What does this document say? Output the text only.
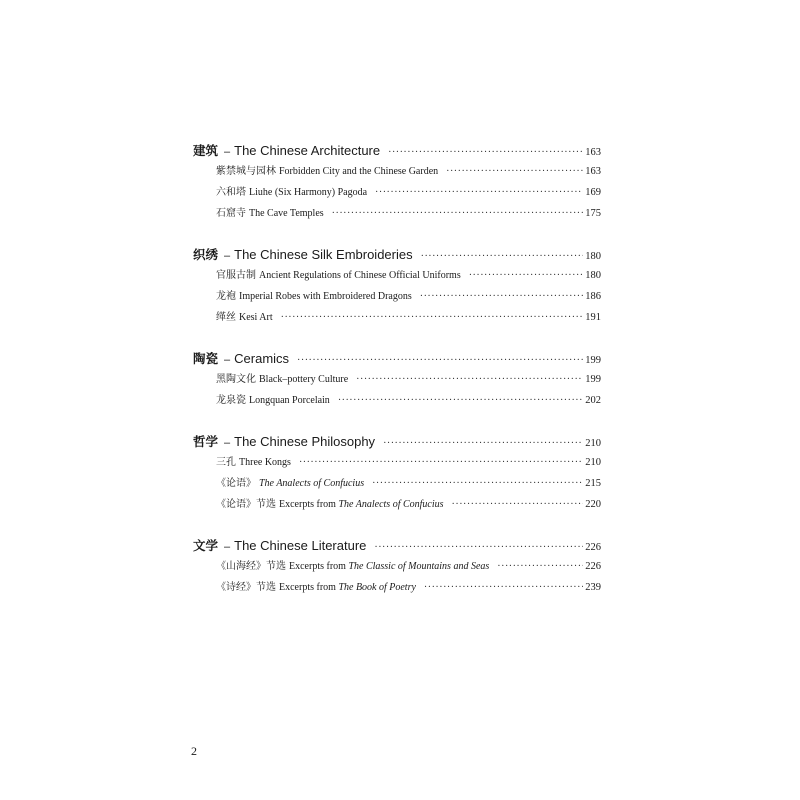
建筑 – The Chinese Architecture ·····	163
紫禁城与园林 Forbidden City and the Chinese Garden ·····	163
六和塔 Liuhe (Six Harmony) Pagoda ·····	169
石窟寺 The Cave Temples ·····	175
织绣 – The Chinese Silk Embroideries ·····	180
官服古制 Ancient Regulations of Chinese Official Uniforms ·····	180
龙袍 Imperial Robes with Embroidered Dragons ·····	186
缂丝 Kesi Art ·····	191
陶瓷 – Ceramics ·····	199
黑陶文化 Black–pottery Culture ·····	199
龙泉瓷 Longquan Porcelain ·····	202
哲学 – The Chinese Philosophy ·····	210
三孔 Three Kongs ·····	210
《论语》 The Analects of Confucius ·····	215
《论语》节选 Excerpts from The Analects of Confucius ·····	220
文学 – The Chinese Literature ·····	226
《山海经》节选 Excerpts from The Classic of Mountains and Seas ·····	226
《诗经》节选 Excerpts from The Book of Poetry ·····	239
2
